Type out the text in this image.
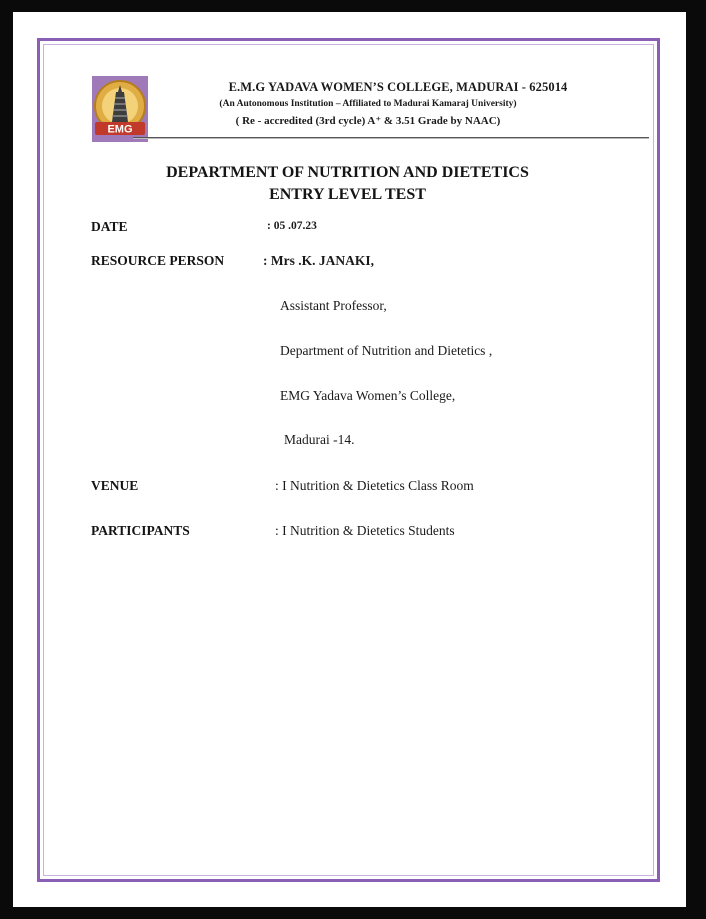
EMG
E.M.G YADAVA WOMEN’S COLLEGE, MADURAI - 625014
(An Autonomous Institution – Affiliated to Madurai Kamaraj University)
( Re - accredited (3rd cycle) A⁺ & 3.51 Grade by NAAC)
DEPARTMENT OF NUTRITION AND DIETETICS
ENTRY LEVEL TEST
DATE	: 05 .07.23
RESOURCE PERSON	: Mrs .K. JANAKI,
Assistant Professor,
Department of Nutrition and Dietetics ,
EMG Yadava Women’s College,
Madurai -14.
VENUE	: I Nutrition & Dietetics Class Room
PARTICIPANTS	: I Nutrition & Dietetics Students
